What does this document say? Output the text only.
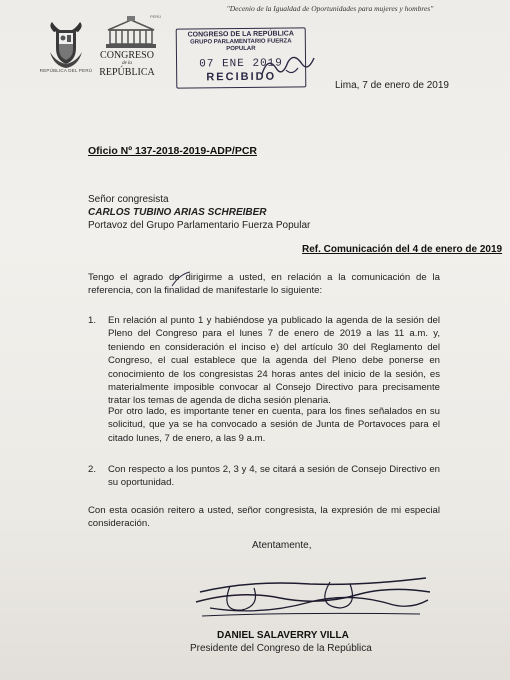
"Decenio de la Igualdad de Oportunidades para mujeres y hombres"
REPÚBLICA DEL PERÚ
PERÚ
CONGRESO
de la
REPÚBLICA
CONGRESO DE LA REPÚBLICA
GRUPO PARLAMENTARIO FUERZA POPULAR
07 ENE 2019
RECIBIDO
Lima, 7 de enero de 2019
Oficio Nº 137-2018-2019-ADP/PCR
Señor congresista
CARLOS TUBINO ARIAS SCHREIBER
Portavoz del Grupo Parlamentario Fuerza Popular
Ref. Comunicación del 4 de enero de 2019
Tengo el agrado de dirigirme a usted, en relación a la comunicación de la referencia, con la finalidad de manifestarle lo siguiente:
1.	En relación al punto 1 y habiéndose ya publicado la agenda de la sesión del Pleno del Congreso para el lunes 7 de enero de 2019 a las 11 a.m. y, teniendo en consideración el inciso e) del artículo 30 del Reglamento del Congreso, el cual establece que la agenda del Pleno debe ponerse en conocimiento de los congresistas 24 horas antes del inicio de la sesión, es materialmente imposible convocar al Consejo Directivo para precisamente tratar los temas de agenda de dicha sesión plenaria.
Por otro lado, es importante tener en cuenta, para los fines señalados en su solicitud, que ya se ha convocado a sesión de Junta de Portavoces para el citado lunes, 7 de enero, a las 9 a.m.
2.	Con respecto a los puntos 2, 3 y 4, se citará a sesión de Consejo Directivo en su oportunidad.
Con esta ocasión reitero a usted, señor congresista, la expresión de mi especial consideración.
Atentamente,
DANIEL SALAVERRY VILLA
Presidente del Congreso de la República
